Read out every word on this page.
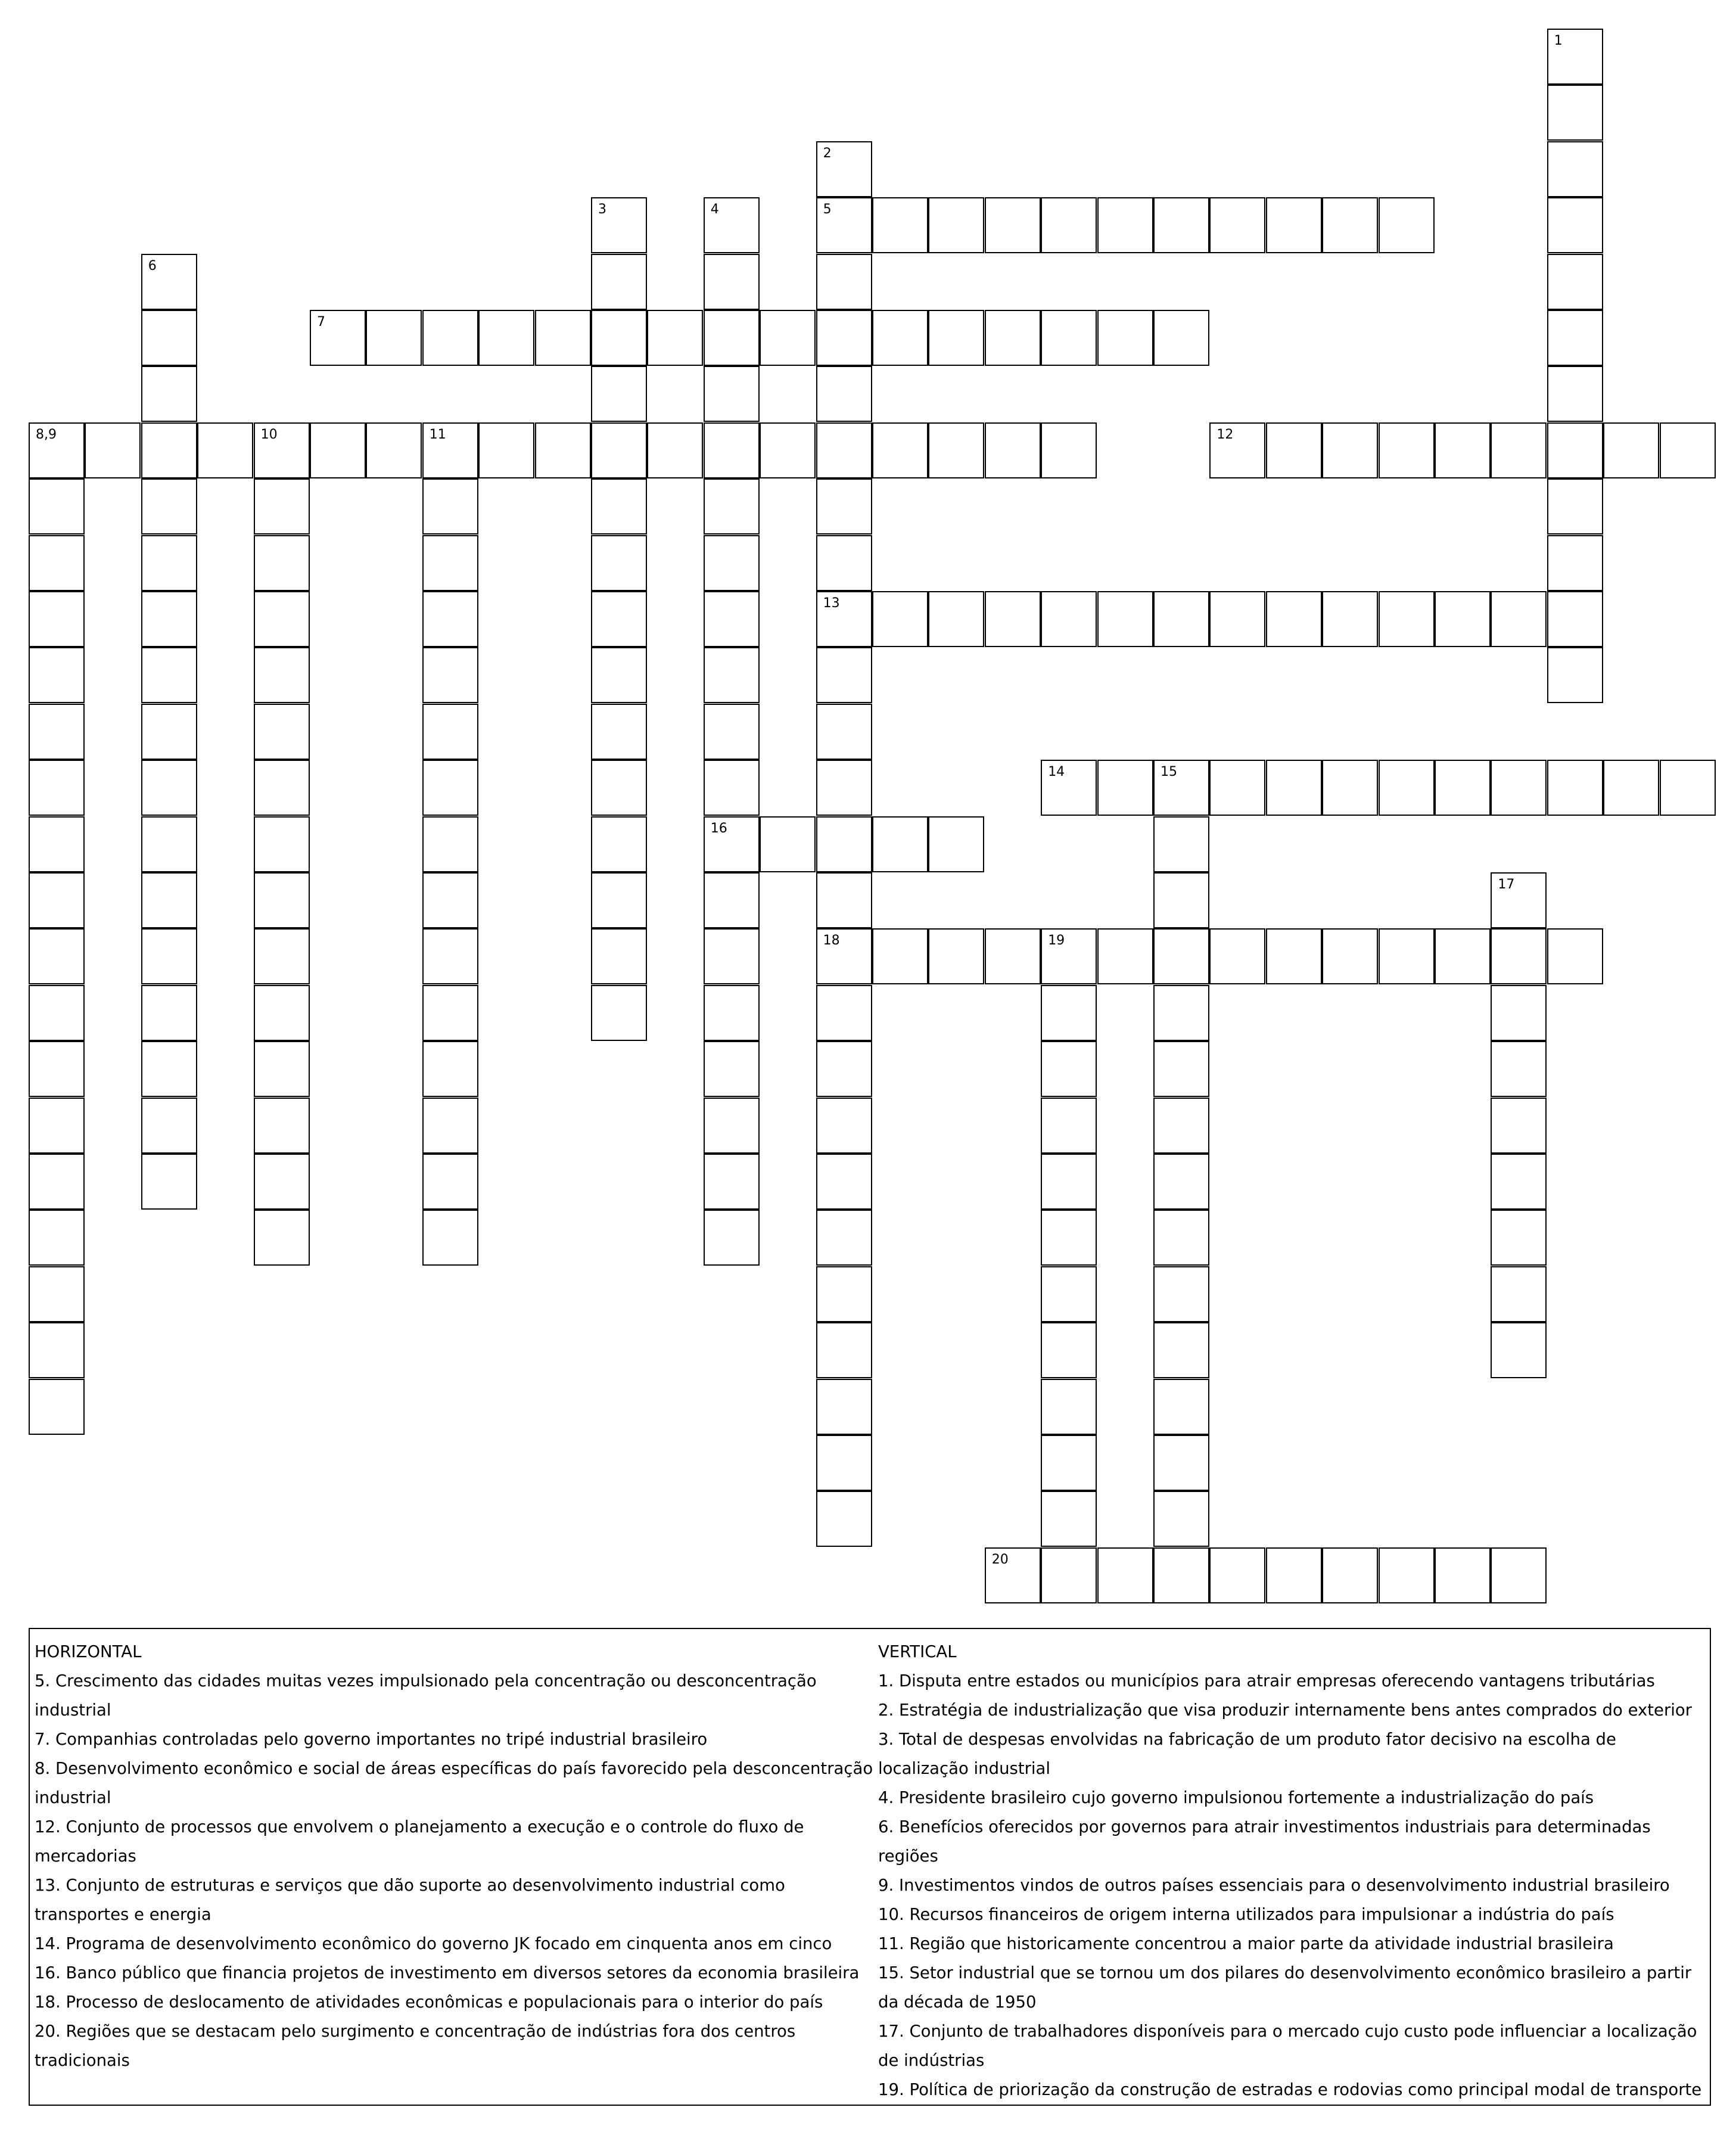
1
2
5
13
18
3	4
16
6
7
8,9	10	11	12
14	15
17
19
20

HORIZONTAL

5. Crescimento das cidades muitas vezes impulsionado pela concentração ou desconcentração industrial

7. Companhias controladas pelo governo importantes no tripé industrial brasileiro

8. Desenvolvimento econômico e social de áreas específicas do país favorecido pela desconcentração industrial

12. Conjunto de processos que envolvem o planejamento a execução e o controle do fluxo de mercadorias

13. Conjunto de estruturas e serviços que dão suporte ao desenvolvimento industrial como transportes e energia

14. Programa de desenvolvimento econômico do governo JK focado em cinquenta anos em cinco

16. Banco público que financia projetos de investimento em diversos setores da economia brasileira

18. Processo de deslocamento de atividades econômicas e populacionais para o interior do país

20. Regiões que se destacam pelo surgimento e concentração de indústrias fora dos centros tradicionais

VERTICAL

1. Disputa entre estados ou municípios para atrair empresas oferecendo vantagens tributárias

2. Estratégia de industrialização que visa produzir internamente bens antes comprados do exterior

3. Total de despesas envolvidas na fabricação de um produto fator decisivo na escolha de localização industrial

4. Presidente brasileiro cujo governo impulsionou fortemente a industrialização do país

6. Benefícios oferecidos por governos para atrair investimentos industriais para determinadas regiões

9. Investimentos vindos de outros países essenciais para o desenvolvimento industrial brasileiro

10. Recursos financeiros de origem interna utilizados para impulsionar a indústria do país

11. Região que historicamente concentrou a maior parte da atividade industrial brasileira

15. Setor industrial que se tornou um dos pilares do desenvolvimento econômico brasileiro a partir da década de 1950

17. Conjunto de trabalhadores disponíveis para o mercado cujo custo pode influenciar a localização de indústrias

19. Política de priorização da construção de estradas e rodovias como principal modal de transporte
